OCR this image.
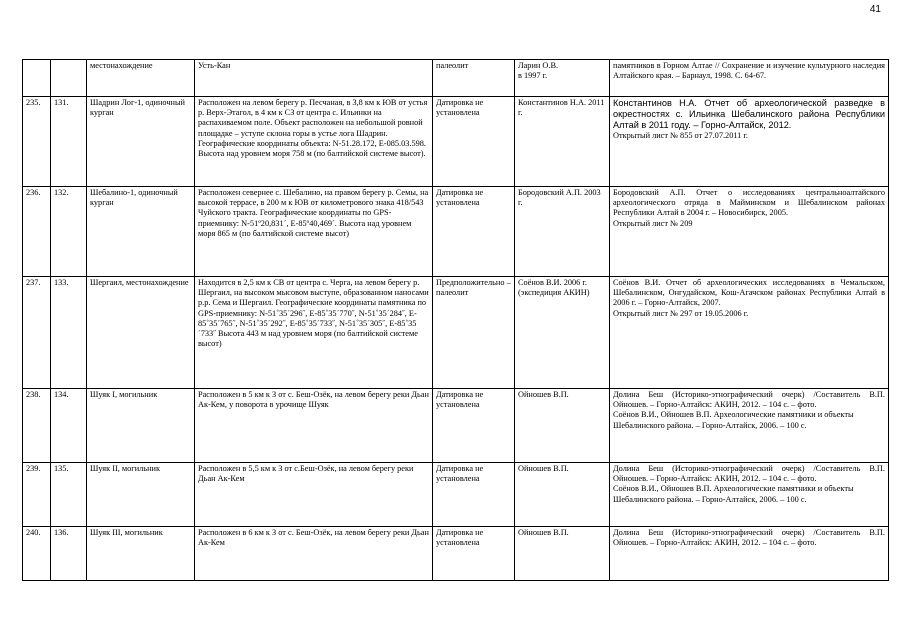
41
		местонахождение	Усть-Кан	палеолит	Ларин О.В.
в 1997 г.	памятников в Горном Алтае // Сохранение и изучение культурного наследия Алтайского края. – Барнаул, 1998. С. 64-67.

235.	131.	Шадрин Лог-1, одиночный курган	Расположен на левом берегу р. Песчаная, в 3,8 км к ЮВ от устья р. Верх-Этагол, в 4 км к СЗ от центра с. Ильинки на распахиваемом поле. Объект расположен на небольшой ровной площадке – уступе склона горы в устье лога Шадрин. Географические координаты объекта: N-51.28.172, E-085.03.598. Высота над уровнем моря 758 м (по балтийской системе высот).	Датировка не установлена	Константинов Н.А. 2011 г.	Константинов Н.А. Отчет об археологической разведке в окрестностях с. Ильинка Шебалинского района Республики Алтай в 2011 году. – Горно-Алтайск, 2012.
Открытый лист № 855 от 27.07.2011 г.

236.	132.	Шебалино-1, одиночный курган	Расположен севернее с. Шебалино, на правом берегу р. Семы, на высокой террасе, в 200 м к ЮВ от километрового знака 418/543 Чуйского тракта. Географические координаты по GPS-приемнику: N-51º20,831´, E-85º40,469´. Высота над уровнем моря 865 м (по балтийской системе высот)	Датировка не установлена	Бородовский А.П. 2003 г.	Бородовский А.П. Отчет о исследованиях центральноалтайского археологического отряда в Майминском и Шебалинском районах Республики Алтай в 2004 г. – Новосибирск, 2005.
Открытый лист № 209

237.	133.	Шергаил, местонахождение	Находится в 2,5 км к СВ от центра с. Черга, на левом берегу р. Шергаил, на высоком мысовом выступе, образованном наносами р.р. Сема и Шергаил. Географические координаты памятника по GPS-приемнику: N-51˚35´296˝, E-85˚35´770˝, N-51˚35´284˝, E-85˚35´765˝, N-51˚35´292˝, E-85˚35´733˝, N-51˚35´305˝, E-85˚35´733˝ Высота 443 м над уровнем моря (по балтийской системе высот)	Предположительно – палеолит	Соёнов В.И. 2006 г. (экспедиция АКИН)	Соёнов В.И. Отчет об археологических исследованиях в Чемальском, Шебалинском, Онгудайском, Кош-Агачском районах Республики Алтай в 2006 г. – Горно-Алтайск, 2007.
Открытый лист № 297 от 19.05.2006 г.

238.	134.	Шуяк I, могильник	Расположен в 5 км к З от с. Беш-Озёк, на левом берегу реки Дьан Ак-Кем, у поворота в урочище Шуяк	Датировка не установлена	Ойношев В.П.	Долина Беш (Историко-этнографический очерк) /Составитель В.П. Ойношев. – Горно-Алтайск: АКИН, 2012. – 104 с. – фото.
Соёнов В.И., Ойношев В.П. Археологические памятники и объекты Шебалинского района. – Горно-Алтайск, 2006. – 100 с.

239.	135.	Шуяк II, могильник	Расположен в 5,5 км к З от с.Беш-Озёк, на левом берегу реки Дьан Ак-Кем	Датировка не установлена	Ойношев В.П.	Долина Беш (Историко-этнографический очерк) /Составитель В.П. Ойношев. – Горно-Алтайск: АКИН, 2012. – 104 с. – фото.
Соёнов В.И., Ойношев В.П. Археологические памятники и объекты Шебалинского района. – Горно-Алтайск, 2006. – 100 с.

240.	136.	Шуяк III, могильник	Расположен в 6 км к З от с. Беш-Озёк, на левом берегу реки Дьан Ак-Кем	Датировка не установлена	Ойношев В.П.	Долина Беш (Историко-этнографический очерк) /Составитель В.П. Ойношев. – Горно-Алтайск: АКИН, 2012. – 104 с. – фото.
